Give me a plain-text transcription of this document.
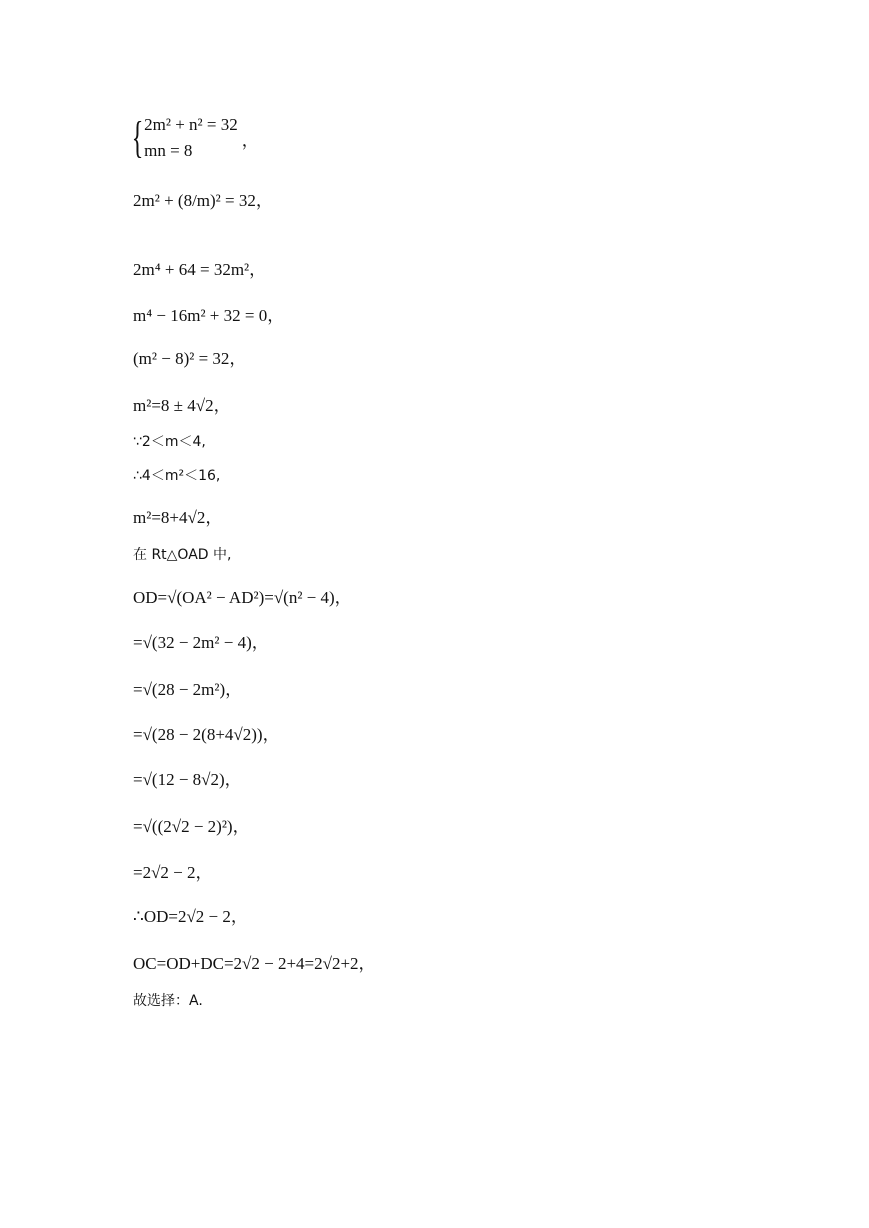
{ 2m² + n² = 32
mn = 8
，
2m² + (8/m)² = 32，
2m⁴ + 64 = 32m²，
m⁴ − 16m² + 32 = 0，
(m² − 8)² = 32，
m²=8 ± 4√2，
∵2＜m＜4,
∴4＜m²＜16,
m²=8+4√2，
在 Rt△OAD 中,
OD=√(OA² − AD²)=√(n² − 4)，
=√(32 − 2m² − 4)，
=√(28 − 2m²)，
=√(28 − 2(8+4√2))，
=√(12 − 8√2)，
=√((2√2 − 2)²)，
=2√2 − 2，
∴OD=2√2 − 2，
OC=OD+DC=2√2 − 2+4=2√2+2，
故选择：A.
